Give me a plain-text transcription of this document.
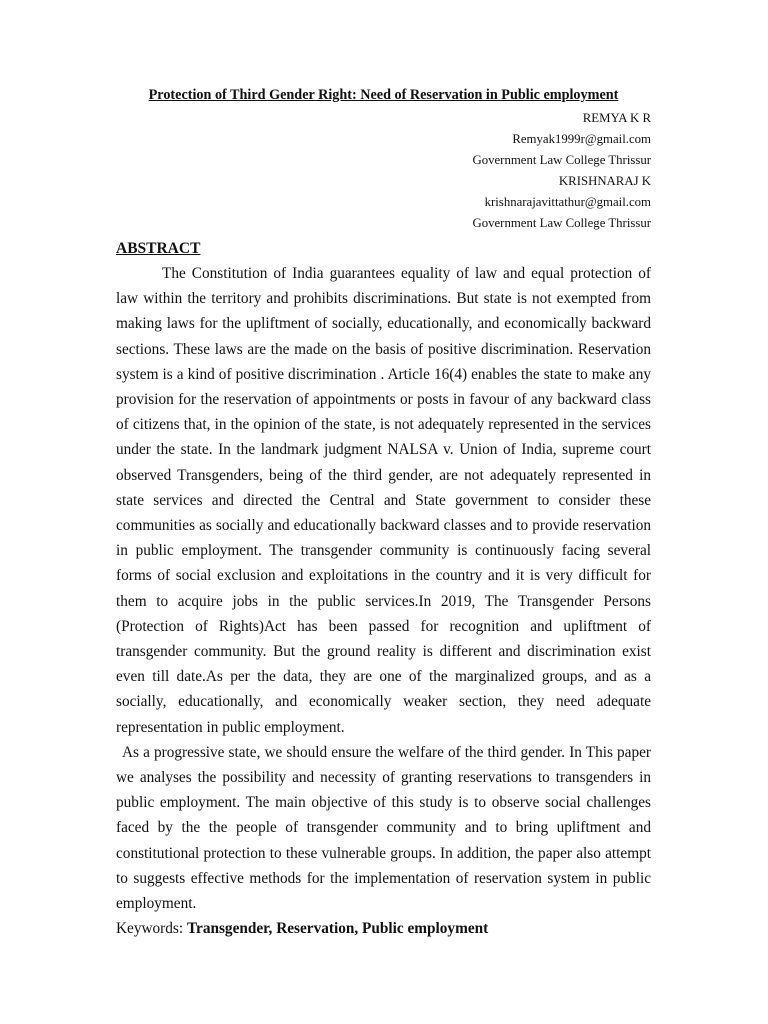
Protection of Third Gender Right: Need of Reservation in Public employment
REMYA K R
Remyak1999r@gmail.com
Government Law College Thrissur
KRISHNARAJ K
krishnarajavittathur@gmail.com
Government Law College Thrissur
ABSTRACT

The Constitution of India guarantees equality of law and equal protection of law within the territory and prohibits discriminations. But state is not exempted from making laws for the upliftment of socially, educationally, and economically backward sections. These laws are the made on the basis of positive discrimination. Reservation system is a kind of positive discrimination . Article 16(4) enables the state to make any provision for the reservation of appointments or posts in favour of any backward class of citizens that, in the opinion of the state, is not adequately represented in the services under the state. In the landmark judgment NALSA v. Union of India, supreme court observed Transgenders, being of the third gender, are not adequately represented in state services and directed the Central and State government to consider these communities as socially and educationally backward classes and to provide reservation in public employment. The transgender community is continuously facing several forms of social exclusion and exploitations in the country and it is very difficult for them to acquire jobs in the public services.In 2019, The Transgender Persons (Protection of Rights)Act has been passed for recognition and upliftment of transgender community. But the ground reality is different and discrimination exist even till date.As per the data, they are one of the marginalized groups, and as a socially, educationally, and economically weaker section, they need adequate representation in public employment.

As a progressive state, we should ensure the welfare of the third gender. In This paper we analyses the possibility and necessity of granting reservations to transgenders in public employment. The main objective of this study is to observe social challenges faced by the the people of transgender community and to bring upliftment and constitutional protection to these vulnerable groups. In addition, the paper also attempt to suggests effective methods for the implementation of reservation system in public employment.

Keywords: Transgender, Reservation, Public employment
